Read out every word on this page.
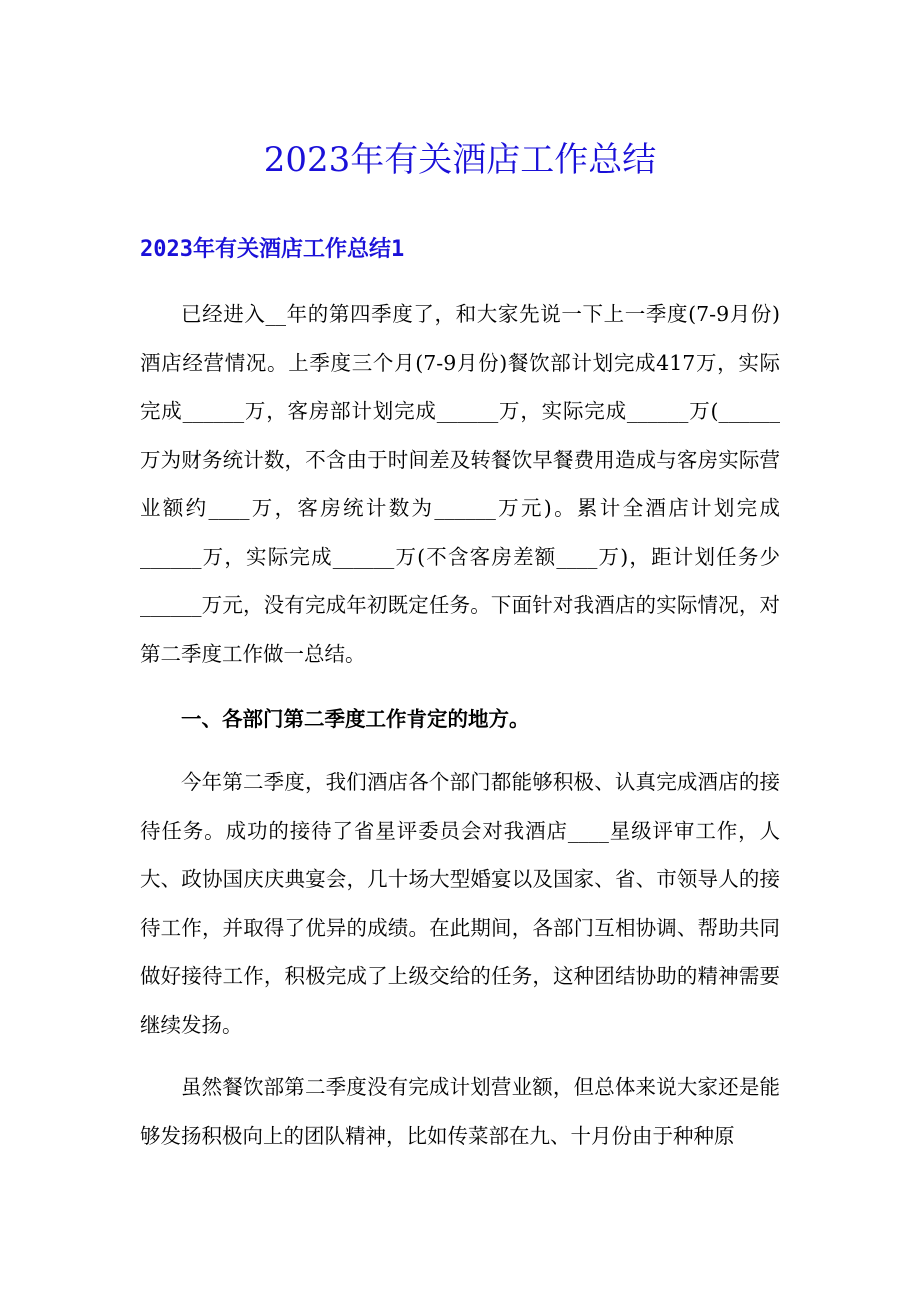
2023年有关酒店工作总结
2023年有关酒店工作总结1

已经进入__年的第四季度了，和大家先说一下上一季度(7-9月份)酒店经营情况。上季度三个月(7-9月份)餐饮部计划完成417万，实际完成______万，客房部计划完成______万，实际完成______万(______万为财务统计数，不含由于时间差及转餐饮早餐费用造成与客房实际营业额约____万，客房统计数为______万元)。累计全酒店计划完成______万，实际完成______万(不含客房差额____万)，距计划任务少______万元，没有完成年初既定任务。下面针对我酒店的实际情况，对第二季度工作做一总结。

一、各部门第二季度工作肯定的地方。

今年第二季度，我们酒店各个部门都能够积极、认真完成酒店的接待任务。成功的接待了省星评委员会对我酒店____星级评审工作，人大、政协国庆庆典宴会，几十场大型婚宴以及国家、省、市领导人的接待工作，并取得了优异的成绩。在此期间，各部门互相协调、帮助共同做好接待工作，积极完成了上级交给的任务，这种团结协助的精神需要继续发扬。

虽然餐饮部第二季度没有完成计划营业额，但总体来说大家还是能够发扬积极向上的团队精神，比如传菜部在九、十月份由于种种原
